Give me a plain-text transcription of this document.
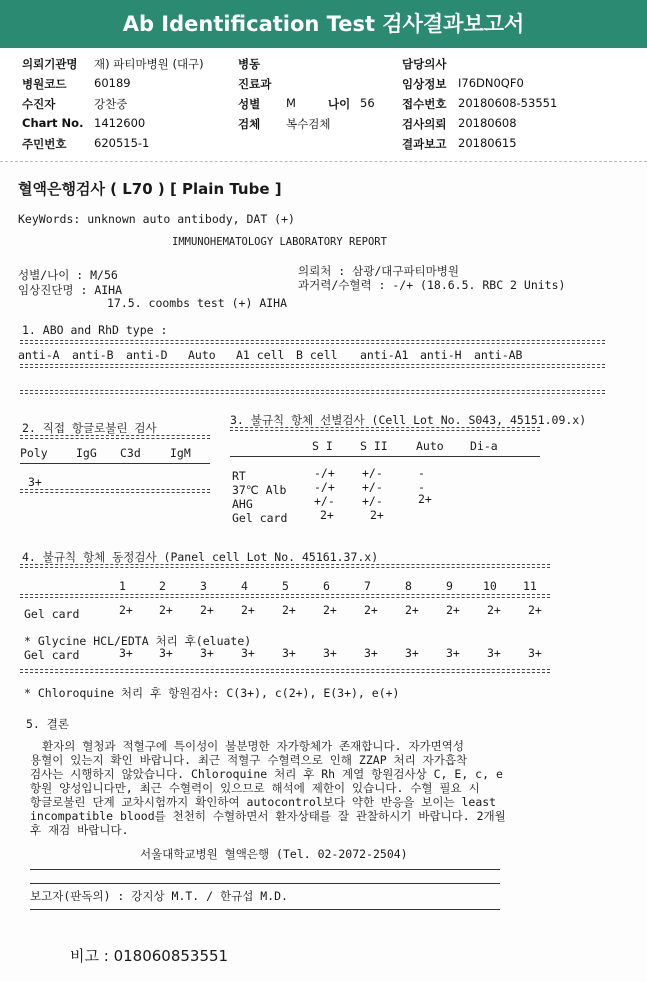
Ab Identification Test 검사결과보고서
의뢰기관명 재) 파티마병원 (대구)	병동	담당의사
병원코드 60189	진료과	임상정보 I76DN0QF0
수진자	강찬중	성별 M	나이 56 접수번호 20180608-53551
Chart No. 1412600	검체 복수검체	검사의뢰 20180608
주민번호 620515-1	결과보고 20180615
혈액은행검사 ( L70 ) [ Plain Tube ]
KeyWords: unknown auto antibody, DAT (+)
IMMUNOHEMATOLOGY LABORATORY REPORT
성별/나이 : M/56
임상진단명 : AIHA
17.5. coombs test (+) AIHA
의뢰처 : 삼광/대구파티마병원
과거력/수혈력 : -/+ (18.6.5. RBC 2 Units)
1. ABO and RhD type :
anti-A anti-B anti-D Auto A1 cell B cell anti-A1 anti-H anti-AB
2. 직접 항글로불린 검사
Poly IgG C3d	IgM
3+
3. 불규칙 항체 선별검사 (Cell Lot No. S043, 45151.09.x)
S I S II Auto Di-a
RT	-/+ +/-	-
37℃ Alb -/+ +/-	-
AHG	+/- +/-	2+
Gel card	2+	2+
4. 불규칙 항체 동정검사 (Panel cell Lot No. 45161.37.x)
1	2	3	4	5	6	7	8	9	10 11
Gel card	2+ 2+ 2+ 2+ 2+ 2+ 2+ 2+ 2+ 2+ 2+
* Glycine HCL/EDTA 처리 후(eluate)
Gel card	3+ 3+ 3+ 3+ 3+ 3+ 3+ 3+ 3+ 3+ 3+
* Chloroquine 처리 후 항원검사: C(3+), c(2+), E(3+), e(+)
5. 결론
환자의 혈청과 적혈구에 특이성이 불분명한 자가항체가 존재합니다. 자가면역성
용혈이 있는지 확인 바랍니다. 최근 적혈구 수혈력으로 인해 ZZAP 처리 자가흡착
검사는 시행하지 않았습니다. Chloroquine 처리 후 Rh 계열 항원검사상 C, E, c, e
항원 양성입니다만, 최근 수혈력이 있으므로 해석에 제한이 있습니다. 수혈 필요 시
항글로불린 단계 교차시험까지 확인하여 autocontrol보다 약한 반응을 보이는 least
incompatible blood를 천천히 수혈하면서 환자상태를 잘 관찰하시기 바랍니다. 2개월
후 재검 바랍니다.
서울대학교병원 혈액은행 (Tel. 02-2072-2504)
보고자(판독의) : 강지상 M.T. / 한규섭 M.D.
비고 : 018060853551
